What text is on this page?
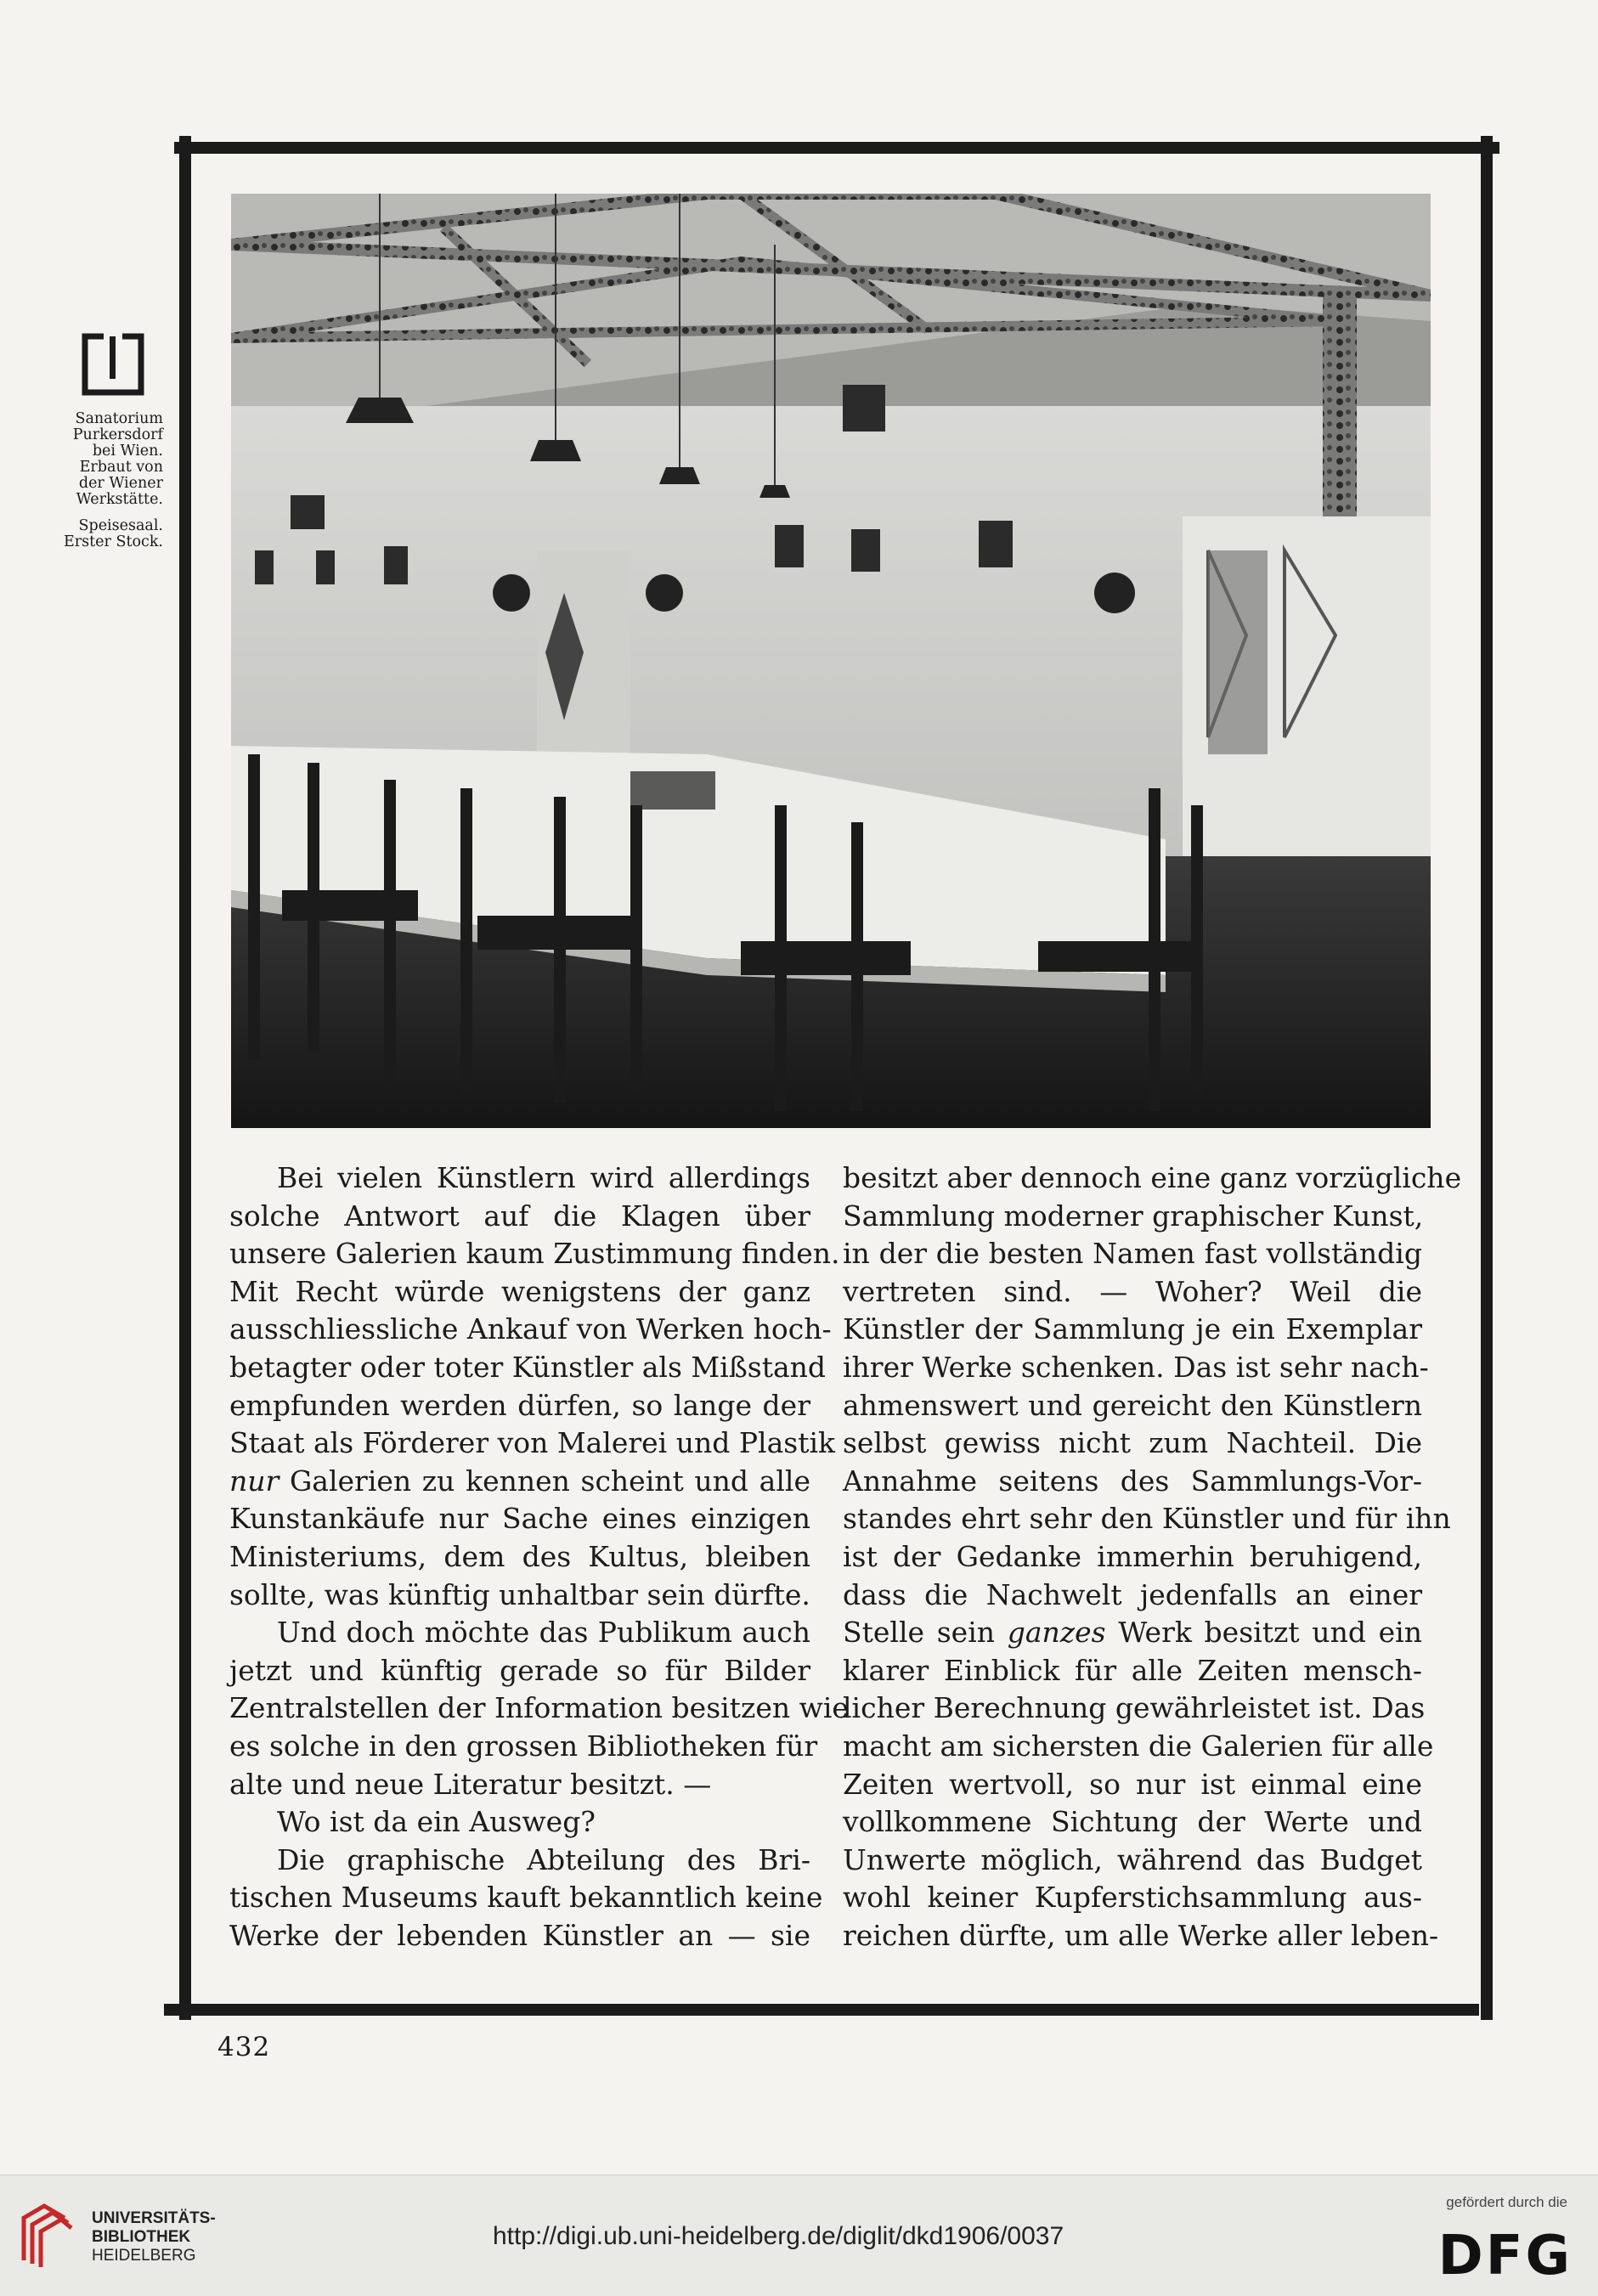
Sanatorium
Purkersdorf
bei Wien.
Erbaut von
der Wiener
Werkstätte.
Speisesaal.
Erster Stock.
Bei vielen Künstlern wird allerdings
solche Antwort auf die Klagen über
unsere Galerien kaum Zustimmung finden.
Mit Recht würde wenigstens der ganz
ausschliessliche Ankauf von Werken hoch-
betagter oder toter Künstler als Mißstand
empfunden werden dürfen, so lange der
Staat als Förderer von Malerei und Plastik
nur Galerien zu kennen scheint und alle
Kunstankäufe nur Sache eines einzigen
Ministeriums, dem des Kultus, bleiben
sollte, was künftig unhaltbar sein dürfte.
Und doch möchte das Publikum auch
jetzt und künftig gerade so für Bilder
Zentralstellen der Information besitzen wie
es solche in den grossen Bibliotheken für
alte und neue Literatur besitzt. —
Wo ist da ein Ausweg?
Die graphische Abteilung des Bri-
tischen Museums kauft bekanntlich keine
Werke der lebenden Künstler an — sie
besitzt aber dennoch eine ganz vorzügliche
Sammlung moderner graphischer Kunst,
in der die besten Namen fast vollständig
vertreten sind. — Woher? Weil die
Künstler der Sammlung je ein Exemplar
ihrer Werke schenken. Das ist sehr nach-
ahmenswert und gereicht den Künstlern
selbst gewiss nicht zum Nachteil. Die
Annahme seitens des Sammlungs-Vor-
standes ehrt sehr den Künstler und für ihn
ist der Gedanke immerhin beruhigend,
dass die Nachwelt jedenfalls an einer
Stelle sein ganzes Werk besitzt und ein
klarer Einblick für alle Zeiten mensch-
licher Berechnung gewährleistet ist. Das
macht am sichersten die Galerien für alle
Zeiten wertvoll, so nur ist einmal eine
vollkommene Sichtung der Werte und
Unwerte möglich, während das Budget
wohl keiner Kupferstichsammlung aus-
reichen dürfte, um alle Werke aller leben-
432
UNIVERSITÄTS-
BIBLIOTHEK
HEIDELBERG
http://digi.ub.uni-heidelberg.de/diglit/dkd1906/0037
gefördert durch die
DFG
